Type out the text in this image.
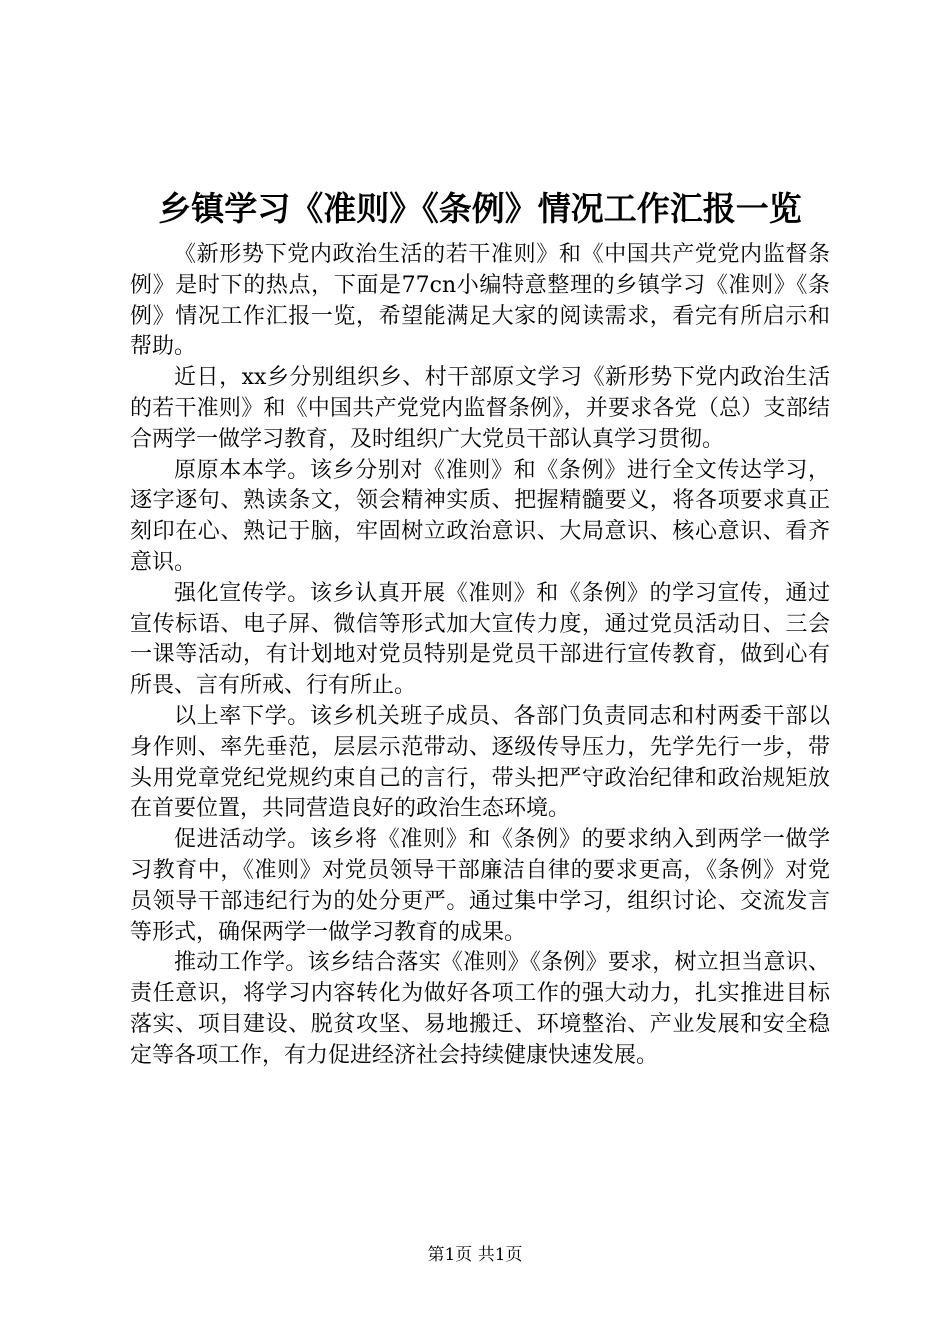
乡镇学习《准则》《条例》情况工作汇报一览

《新形势下党内政治生活的若干准则》和《中国共产党党内监督条例》是时下的热点，下面是77cn小编特意整理的乡镇学习《准则》《条例》情况工作汇报一览，希望能满足大家的阅读需求，看完有所启示和帮助。

近日，xx乡分别组织乡、村干部原文学习《新形势下党内政治生活的若干准则》和《中国共产党党内监督条例》，并要求各党（总）支部结合两学一做学习教育，及时组织广大党员干部认真学习贯彻。

原原本本学。该乡分别对《准则》和《条例》进行全文传达学习，逐字逐句、熟读条文，领会精神实质、把握精髓要义，将各项要求真正刻印在心、熟记于脑，牢固树立政治意识、大局意识、核心意识、看齐意识。

强化宣传学。该乡认真开展《准则》和《条例》的学习宣传，通过宣传标语、电子屏、微信等形式加大宣传力度，通过党员活动日、三会一课等活动，有计划地对党员特别是党员干部进行宣传教育，做到心有所畏、言有所戒、行有所止。

以上率下学。该乡机关班子成员、各部门负责同志和村两委干部以身作则、率先垂范，层层示范带动、逐级传导压力，先学先行一步，带头用党章党纪党规约束自己的言行，带头把严守政治纪律和政治规矩放在首要位置，共同营造良好的政治生态环境。

促进活动学。该乡将《准则》和《条例》的要求纳入到两学一做学习教育中，《准则》对党员领导干部廉洁自律的要求更高，《条例》对党员领导干部违纪行为的处分更严。通过集中学习，组织讨论、交流发言等形式，确保两学一做学习教育的成果。

推动工作学。该乡结合落实《准则》《条例》要求，树立担当意识、责任意识，将学习内容转化为做好各项工作的强大动力，扎实推进目标落实、项目建设、脱贫攻坚、易地搬迁、环境整治、产业发展和安全稳定等各项工作，有力促进经济社会持续健康快速发展。

第1页 共1页
